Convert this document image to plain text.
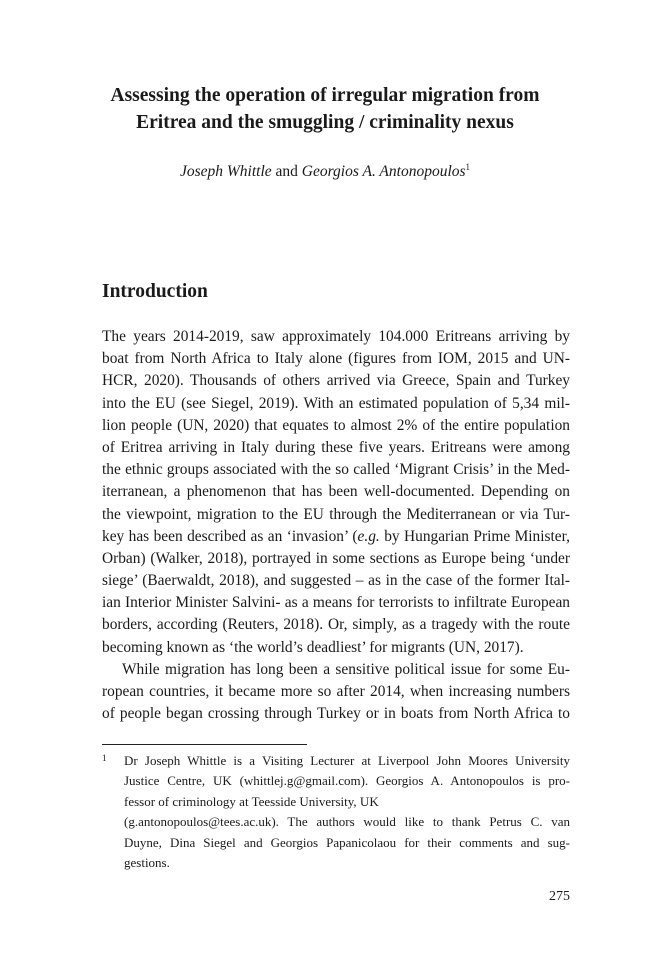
Assessing the operation of irregular migration from
Eritrea and the smuggling / criminality nexus
Joseph Whittle and Georgios A. Antonopoulos$^1$
Introduction
The years 2014-2019, saw approximately 104.000 Eritreans arriving by
boat from North Africa to Italy alone (figures from IOM, 2015 and UN-
HCR, 2020). Thousands of others arrived via Greece, Spain and Turkey
into the EU (see Siegel, 2019). With an estimated population of 5,34 mil-
lion people (UN, 2020) that equates to almost 2% of the entire population
of Eritrea arriving in Italy during these five years. Eritreans were among
the ethnic groups associated with the so called ‘Migrant Crisis’ in the Med-
iterranean, a phenomenon that has been well-documented. Depending on
the viewpoint, migration to the EU through the Mediterranean or via Tur-
key has been described as an ‘invasion’ (e.g. by Hungarian Prime Minister,
Orban) (Walker, 2018), portrayed in some sections as Europe being ‘under
siege’ (Baerwaldt, 2018), and suggested – as in the case of the former Ital-
ian Interior Minister Salvini- as a means for terrorists to infiltrate European
borders, according (Reuters, 2018). Or, simply, as a tragedy with the route
becoming known as ‘the world’s deadliest’ for migrants (UN, 2017).
While migration has long been a sensitive political issue for some Eu-
ropean countries, it became more so after 2014, when increasing numbers
of people began crossing through Turkey or in boats from North Africa to
1 Dr Joseph Whittle is a Visiting Lecturer at Liverpool John Moores University
Justice Centre, UK (whittlej.g@gmail.com). Georgios A. Antonopoulos is pro-
fessor of criminology at Teesside University, UK
(g.antonopoulos@tees.ac.uk). The authors would like to thank Petrus C. van
Duyne, Dina Siegel and Georgios Papanicolaou for their comments and sug-
gestions.
275
